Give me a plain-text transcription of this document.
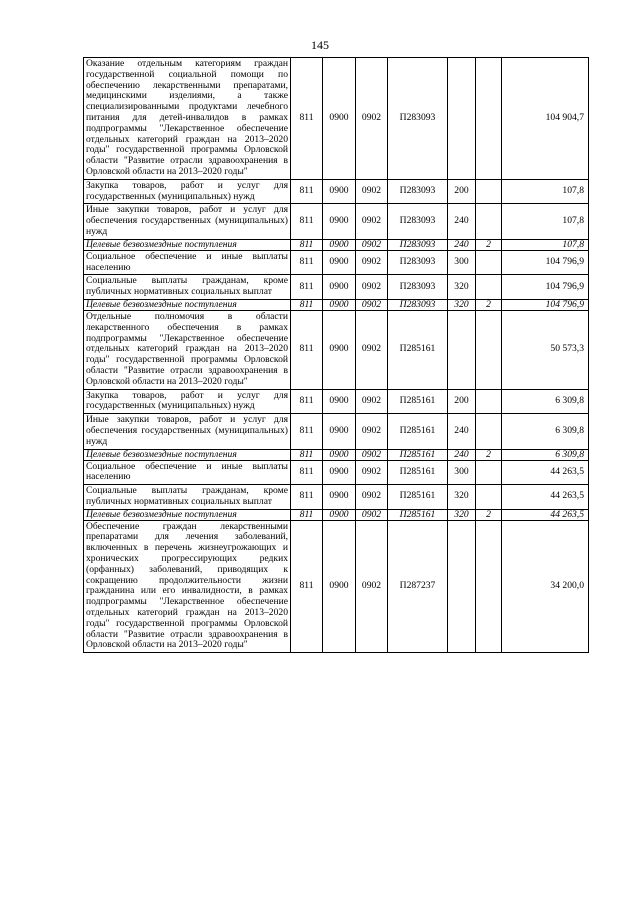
145
Оказание отдельным категориям граждан государственной социальной помощи по обеспечению лекарственными препаратами, медицинскими изделиями, а также специализированными продуктами лечебного питания для детей-инвалидов в рамках подпрограммы "Лекарственное обеспечение отдельных категорий граждан на 2013–2020 годы" государственной программы Орловской области "Развитие отрасли здравоохранения в Орловской области на 2013–2020 годы"	811	0900	0902	П283093			104 904,7
Закупка товаров, работ и услуг для государственных (муниципальных) нужд	811	0900	0902	П283093	200		107,8
Иные закупки товаров, работ и услуг для обеспечения государственных (муниципальных) нужд	811	0900	0902	П283093	240		107,8
Целевые безвозмездные поступления	811	0900	0902	П283093	240	2	107,8
Социальное обеспечение и иные выплаты населению	811	0900	0902	П283093	300		104 796,9
Социальные выплаты гражданам, кроме публичных нормативных социальных выплат	811	0900	0902	П283093	320		104 796,9
Целевые безвозмездные поступления	811	0900	0902	П283093	320	2	104 796,9
Отдельные полномочия в области лекарственного обеспечения в рамках подпрограммы "Лекарственное обеспечение отдельных категорий граждан на 2013–2020 годы" государственной программы Орловской области "Развитие отрасли здравоохранения в Орловской области на 2013–2020 годы"	811	0900	0902	П285161			50 573,3
Закупка товаров, работ и услуг для государственных (муниципальных) нужд	811	0900	0902	П285161	200		6 309,8
Иные закупки товаров, работ и услуг для обеспечения государственных (муниципальных) нужд	811	0900	0902	П285161	240		6 309,8
Целевые безвозмездные поступления	811	0900	0902	П285161	240	2	6 309,8
Социальное обеспечение и иные выплаты населению	811	0900	0902	П285161	300		44 263,5
Социальные выплаты гражданам, кроме публичных нормативных социальных выплат	811	0900	0902	П285161	320		44 263,5
Целевые безвозмездные поступления	811	0900	0902	П285161	320	2	44 263,5
Обеспечение граждан лекарственными препаратами для лечения заболеваний, включенных в перечень жизнеугрожающих и хронических прогрессирующих редких (орфанных) заболеваний, приводящих к сокращению продолжительности жизни гражданина или его инвалидности, в рамках подпрограммы "Лекарственное обеспечение отдельных категорий граждан на 2013–2020 годы" государственной программы Орловской области "Развитие отрасли здравоохранения в Орловской области на 2013–2020 годы"	811	0900	0902	П287237			34 200,0
